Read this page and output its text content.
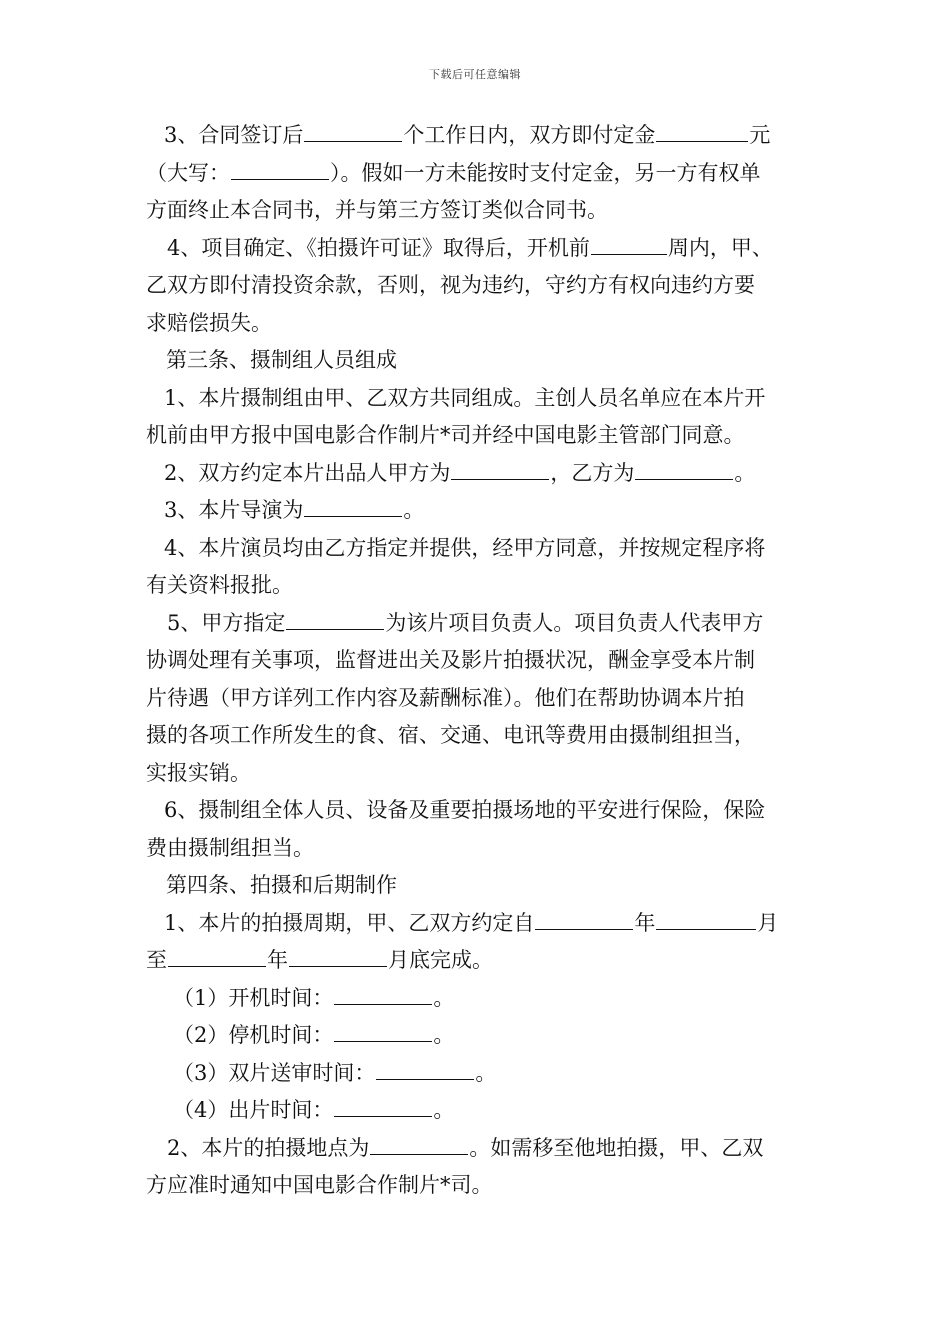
下载后可任意编辑
3、合同签订后	个工作日内，双方即付定金	元
（大写：	）。假如一方未能按时支付定金，另一方有权单
方面终止本合同书，并与第三方签订类似合同书。
4、项目确定、《拍摄许可证》取得后，开机前	周内，甲、
乙双方即付清投资余款，否则，视为违约，守约方有权向违约方要
求赔偿损失。
第三条、摄制组人员组成
1、本片摄制组由甲、乙双方共同组成。主创人员名单应在本片开
机前由甲方报中国电影合作制片*司并经中国电影主管部门同意。
2、双方约定本片出品人甲方为	，乙方为	。
3、本片导演为	。
4、本片演员均由乙方指定并提供，经甲方同意，并按规定程序将
有关资料报批。
5、甲方指定	为该片项目负责人。项目负责人代表甲方
协调处理有关事项，监督进出关及影片拍摄状况，酬金享受本片制
片待遇（甲方详列工作内容及薪酬标准）。他们在帮助协调本片拍
摄的各项工作所发生的食、宿、交通、电讯等费用由摄制组担当，
实报实销。
6、摄制组全体人员、设备及重要拍摄场地的平安进行保险，保险
费由摄制组担当。
第四条、拍摄和后期制作
1、本片的拍摄周期，甲、乙双方约定自	年	月
至	年	月底完成。
（1）开机时间：	。
（2）停机时间：	。
（3）双片送审时间：	。
（4）出片时间：	。
2、本片的拍摄地点为	。如需移至他地拍摄，甲、乙双
方应准时通知中国电影合作制片*司。
